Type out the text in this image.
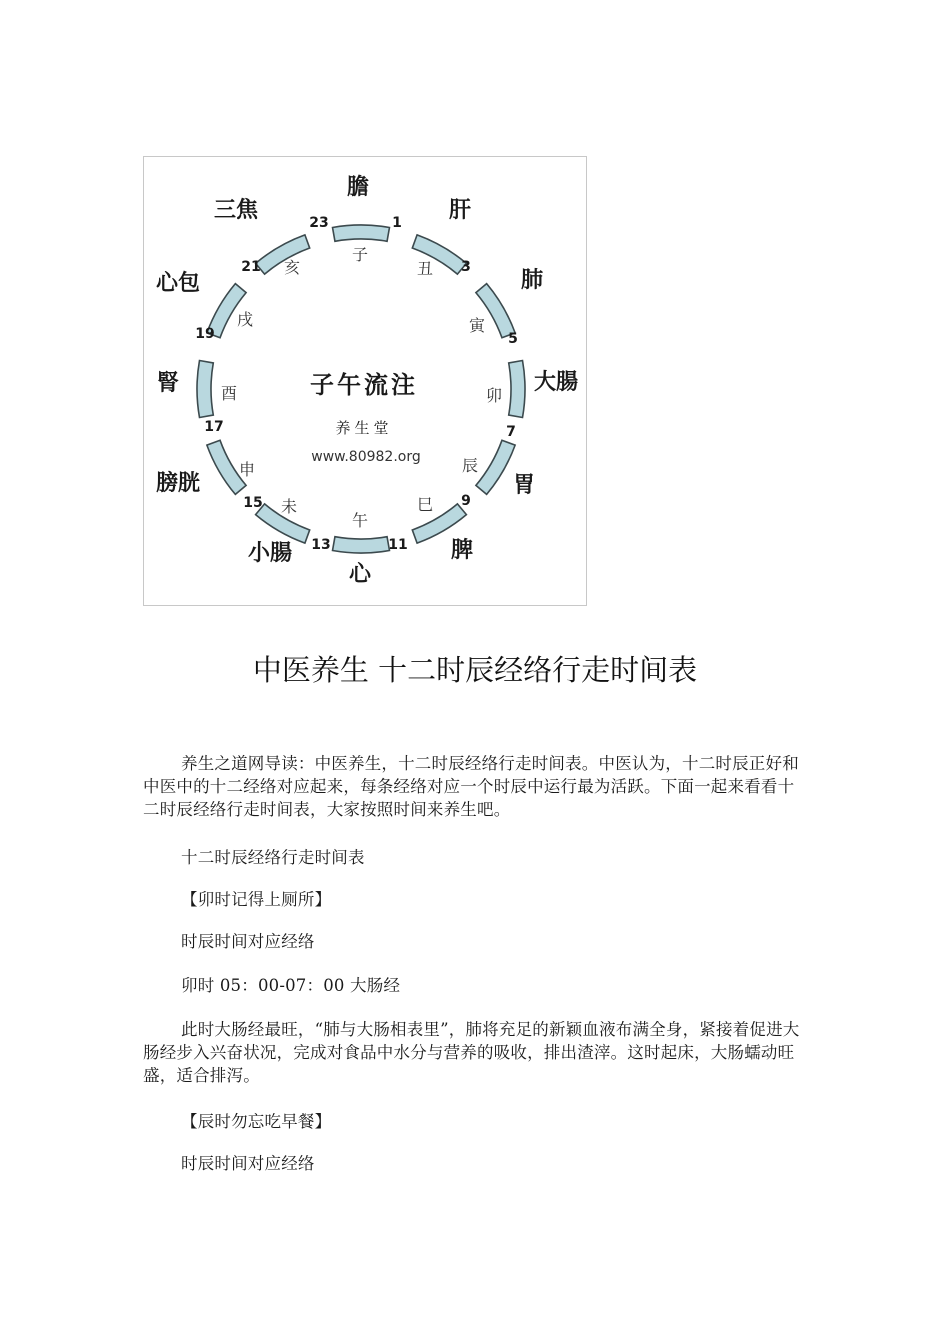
膽
肝
肺
大腸
胃
脾
心
小腸
膀胱
腎
心包
三焦	1
3
5
7
9
11
13
15
17
19
21
23
子
丑
寅
卯
辰
巳
午
未
申
酉
戌
亥
子午流注
养生堂
www.80982.org
中医养生 十二时辰经络行走时间表

养生之道网导读：中医养生，十二时辰经络行走时间表。中医认为，十二时辰正好和中医中的十二经络对应起来，每条经络对应一个时辰中运行最为活跃。下面一起来看看十二时辰经络行走时间表，大家按照时间来养生吧。

十二时辰经络行走时间表

【卯时记得上厕所】

时辰时间对应经络

卯时 05：00-07：00 大肠经

此时大肠经最旺，“肺与大肠相表里”，肺将充足的新颖血液布满全身，紧接着促进大肠经步入兴奋状况，完成对食品中水分与营养的吸收，排出渣滓。这时起床，大肠蠕动旺盛，适合排泻。

【辰时勿忘吃早餐】

时辰时间对应经络
